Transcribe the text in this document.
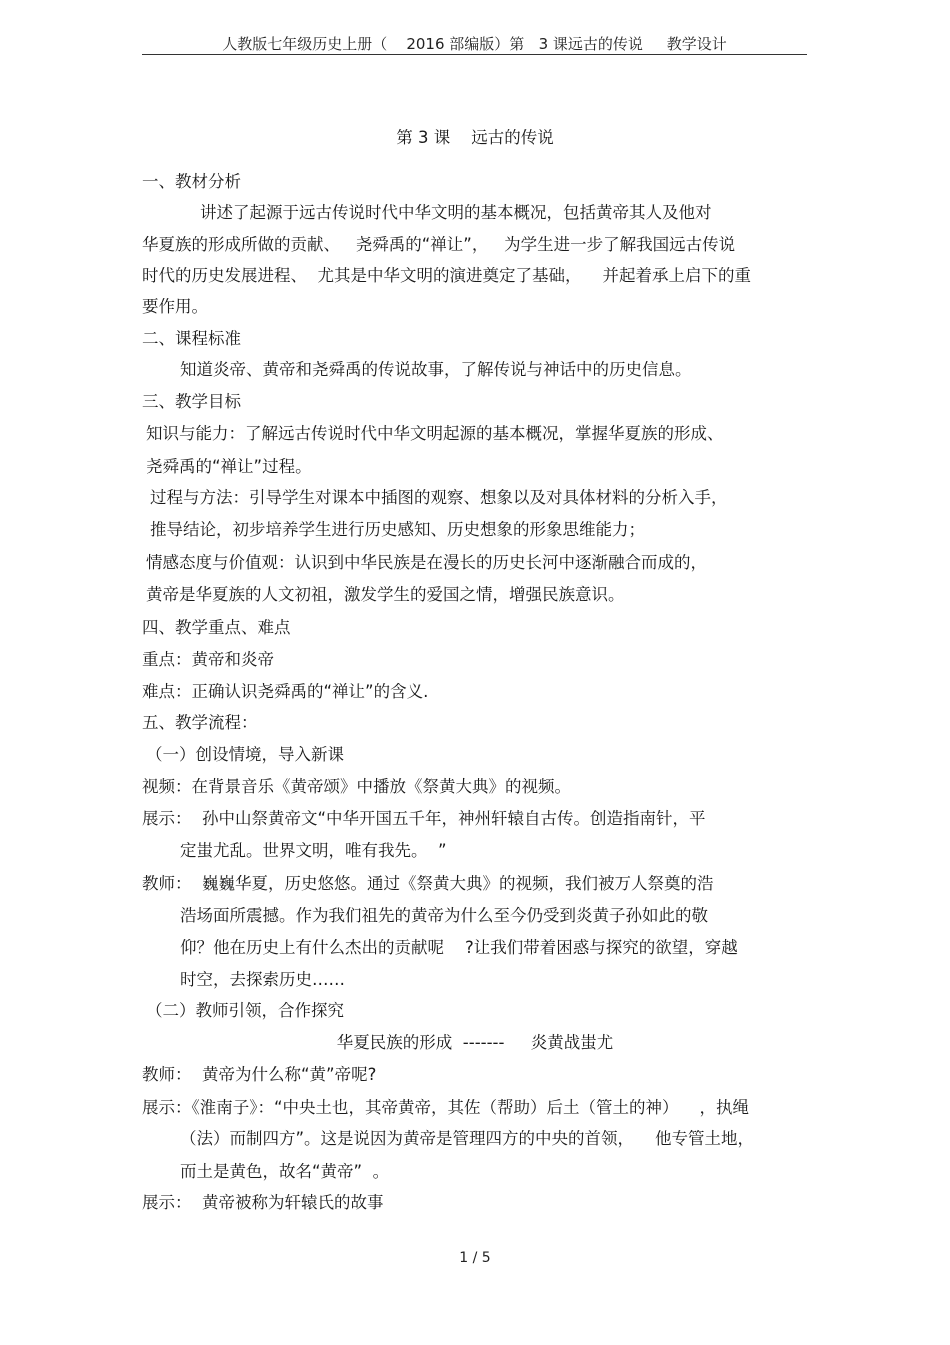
人教版七年级历史上册（    2016 部编版）第   3 课远古的传说     教学设计
第 3 课    远古的传说
一、教材分析
讲述了起源于远古传说时代中华文明的基本概况，包括黄帝其人及他对
华夏族的形成所做的贡献、   尧舜禹的“禅让”，   为学生进一步了解我国远古传说
时代的历史发展进程、  尤其是中华文明的演进奠定了基础，    并起着承上启下的重
要作用。
二、课程标准
知道炎帝、黄帝和尧舜禹的传说故事，了解传说与神话中的历史信息。
三、教学目标
知识与能力：了解远古传说时代中华文明起源的基本概况，掌握华夏族的形成、
尧舜禹的“禅让”过程。
过程与方法：引导学生对课本中插图的观察、想象以及对具体材料的分析入手，
推导结论，初步培养学生进行历史感知、历史想象的形象思维能力；
情感态度与价值观：认识到中华民族是在漫长的历史长河中逐渐融合而成的，
黄帝是华夏族的人文初祖，激发学生的爱国之情，增强民族意识。
四、教学重点、难点
重点：黄帝和炎帝
难点：正确认识尧舜禹的“禅让”的含义.
五、教学流程：
（一）创设情境，导入新课
视频：在背景音乐《黄帝颂》中播放《祭黄大典》的视频。
展示：  孙中山祭黄帝文“中华开国五千年，神州轩辕自古传。创造指南针，平
定蚩尤乱。世界文明，唯有我先。  ”
教师：  巍巍华夏，历史悠悠。通过《祭黄大典》的视频，我们被万人祭奠的浩
浩场面所震撼。作为我们祖先的黄帝为什么至今仍受到炎黄子孙如此的敬
仰？他在历史上有什么杰出的贡献呢    ?让我们带着困惑与探究的欲望，穿越
时空，去探索历史……
（二）教师引领，合作探究
华夏民族的形成  -------     炎黄战蚩尤
教师：  黄帝为什么称“黄”帝呢?
展示：《淮南子》：“中央土也，其帝黄帝，其佐（帮助）后土（管土的神）    ，执绳
（法）而制四方”。这是说因为黄帝是管理四方的中央的首领，    他专管土地，
而土是黄色，故名“黄帝”  。
展示：  黄帝被称为轩辕氏的故事
1 / 5
